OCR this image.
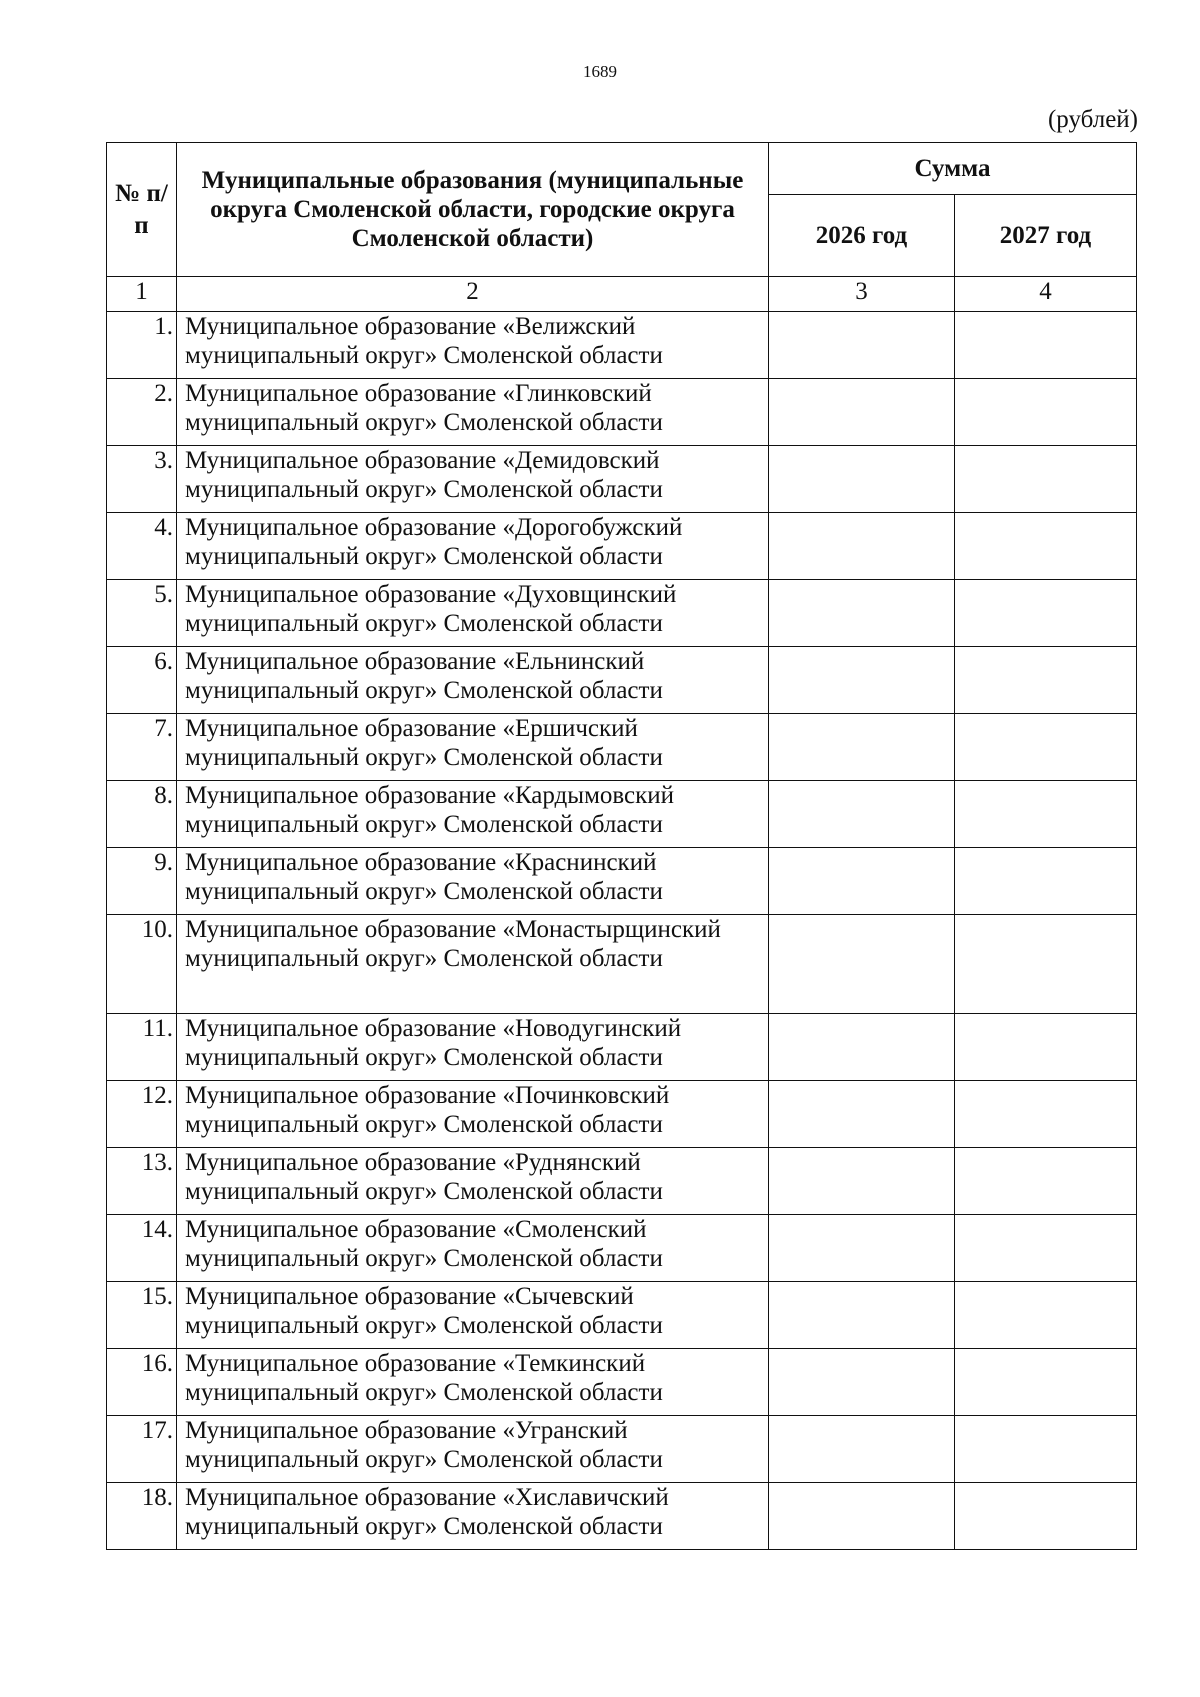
1689
(рублей)
№ п/п	Муниципальные образования (муниципальные округа Смоленской области, городские округа Смоленской области)	Сумма	
		2026 год	2027 год
1	2	3	4
1.	Муниципальное образование «Велижский муниципальный округ» Смоленской области		
2.	Муниципальное образование «Глинковский муниципальный округ» Смоленской области		
3.	Муниципальное образование «Демидовский муниципальный округ» Смоленской области		
4.	Муниципальное образование «Дорогобужский муниципальный округ» Смоленской области		
5.	Муниципальное образование «Духовщинский муниципальный округ» Смоленской области		
6.	Муниципальное образование «Ельнинский муниципальный округ» Смоленской области		
7.	Муниципальное образование «Ершичский муниципальный округ» Смоленской области		
8.	Муниципальное образование «Кардымовский муниципальный округ» Смоленской области		
9.	Муниципальное образование «Краснинский муниципальный округ» Смоленской области		
10.	Муниципальное образование «Монастырщинский муниципальный округ» Смоленской области		
11.	Муниципальное образование «Новодугинский муниципальный округ» Смоленской области		
12.	Муниципальное образование «Починковский муниципальный округ» Смоленской области		
13.	Муниципальное образование «Руднянский муниципальный округ» Смоленской области		
14.	Муниципальное образование «Смоленский муниципальный округ» Смоленской области		
15.	Муниципальное образование «Сычевский муниципальный округ» Смоленской области		
16.	Муниципальное образование «Темкинский муниципальный округ» Смоленской области		
17.	Муниципальное образование «Угранский муниципальный округ» Смоленской области		
18.	Муниципальное образование «Хиславичский муниципальный округ» Смоленской области		
